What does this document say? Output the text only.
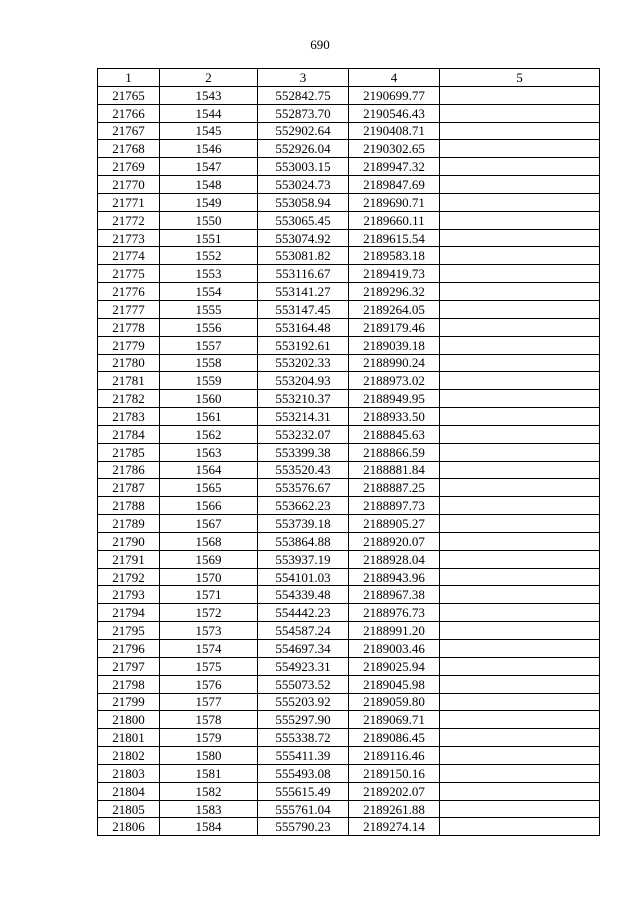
690
1	2	3	4	5
21765	1543	552842.75	2190699.77	
21766	1544	552873.70	2190546.43	
21767	1545	552902.64	2190408.71	
21768	1546	552926.04	2190302.65	
21769	1547	553003.15	2189947.32	
21770	1548	553024.73	2189847.69	
21771	1549	553058.94	2189690.71	
21772	1550	553065.45	2189660.11	
21773	1551	553074.92	2189615.54	
21774	1552	553081.82	2189583.18	
21775	1553	553116.67	2189419.73	
21776	1554	553141.27	2189296.32	
21777	1555	553147.45	2189264.05	
21778	1556	553164.48	2189179.46	
21779	1557	553192.61	2189039.18	
21780	1558	553202.33	2188990.24	
21781	1559	553204.93	2188973.02	
21782	1560	553210.37	2188949.95	
21783	1561	553214.31	2188933.50	
21784	1562	553232.07	2188845.63	
21785	1563	553399.38	2188866.59	
21786	1564	553520.43	2188881.84	
21787	1565	553576.67	2188887.25	
21788	1566	553662.23	2188897.73	
21789	1567	553739.18	2188905.27	
21790	1568	553864.88	2188920.07	
21791	1569	553937.19	2188928.04	
21792	1570	554101.03	2188943.96	
21793	1571	554339.48	2188967.38	
21794	1572	554442.23	2188976.73	
21795	1573	554587.24	2188991.20	
21796	1574	554697.34	2189003.46	
21797	1575	554923.31	2189025.94	
21798	1576	555073.52	2189045.98	
21799	1577	555203.92	2189059.80	
21800	1578	555297.90	2189069.71	
21801	1579	555338.72	2189086.45	
21802	1580	555411.39	2189116.46	
21803	1581	555493.08	2189150.16	
21804	1582	555615.49	2189202.07	
21805	1583	555761.04	2189261.88	
21806	1584	555790.23	2189274.14	
